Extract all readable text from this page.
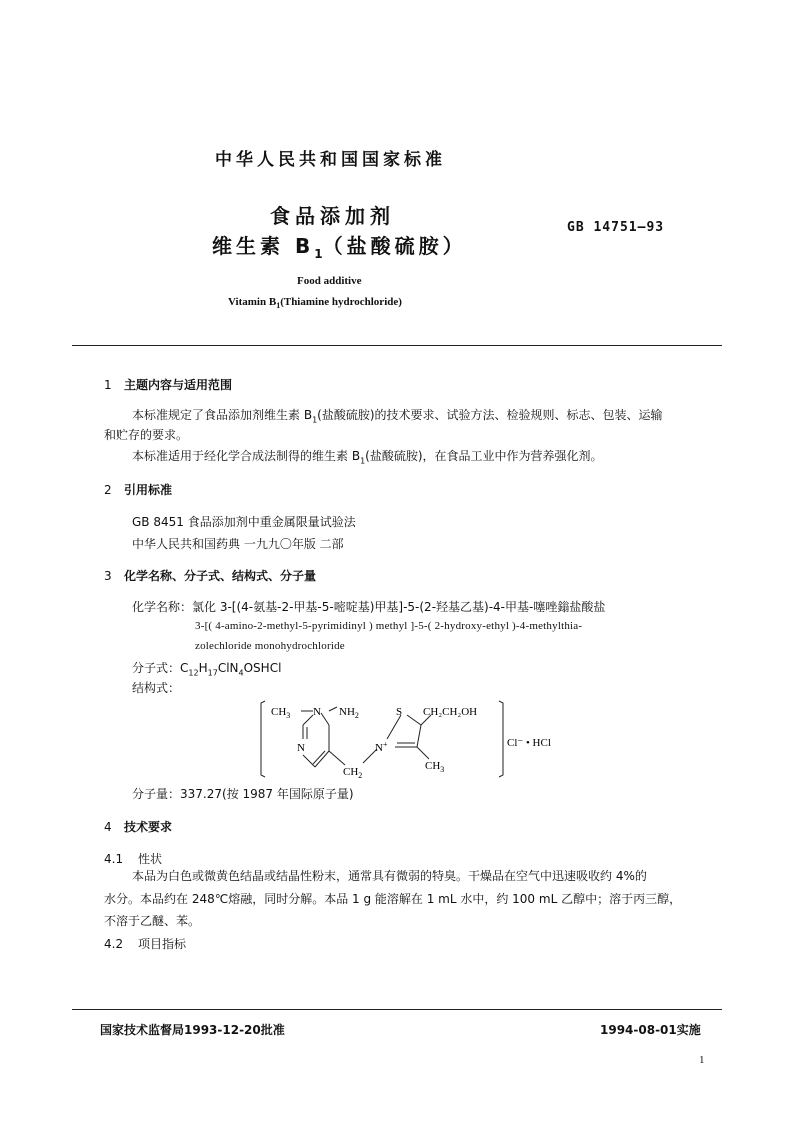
中华人民共和国国家标准
食品添加剂
维生素 $B_1$（盐酸硫胺）
GB 14751—93
Food additive
Vitamin $B_1(Thiamine$ hydrochloride)
1 主题内容与适用范围
本标准规定了食品添加剂维生素 $B_1$(盐酸硫胺)的技术要求、试验方法、检验规则、标志、包装、运输
和贮存的要求。
本标准适用于经化学合成法制得的维生素 $B_1$(盐酸硫胺)，在食品工业中作为营养强化剂。
2 引用标准
GB 8451 食品添加剂中重金属限量试验法
中华人民共和国药典 一九九〇年版 二部
3 化学名称、分子式、结构式、分子量
化学名称：氯化 3-[(4-氨基-2-甲基-5-嘧啶基)甲基]-5-(2-羟基乙基)-4-甲基-噻唑鎓盐酸盐
3-[( 4-amino-2-methyl-5-pyrimidinyl ) methyl ]-5-( 2-hydroxy-ethyl )-4-methylthia-
zolechloride monohydrochloride
分子式：$C_{12}H_{17}ClN_4OSHCl$
结构式：
$CH_3$ N $NH_2$
N
$CH_2$
S CH₂CH₂OH
N+
$CH_3$
Cl⁻ • HCl
分子量：337.27(按 1987 年国际原子量)
4 技术要求
4.1 性状
本品为白色或微黄色结晶或结晶性粉末，通常具有微弱的特臭。干燥品在空气中迅速吸收约 4%的
水分。本品约在 248℃熔融，同时分解。本品 1 g 能溶解在 1 mL 水中，约 100 mL 乙醇中；溶于丙三醇，
不溶于乙醚、苯。
4.2 项目指标
国家技术监督局1993-12-20批准	1994-08-01实施
1
